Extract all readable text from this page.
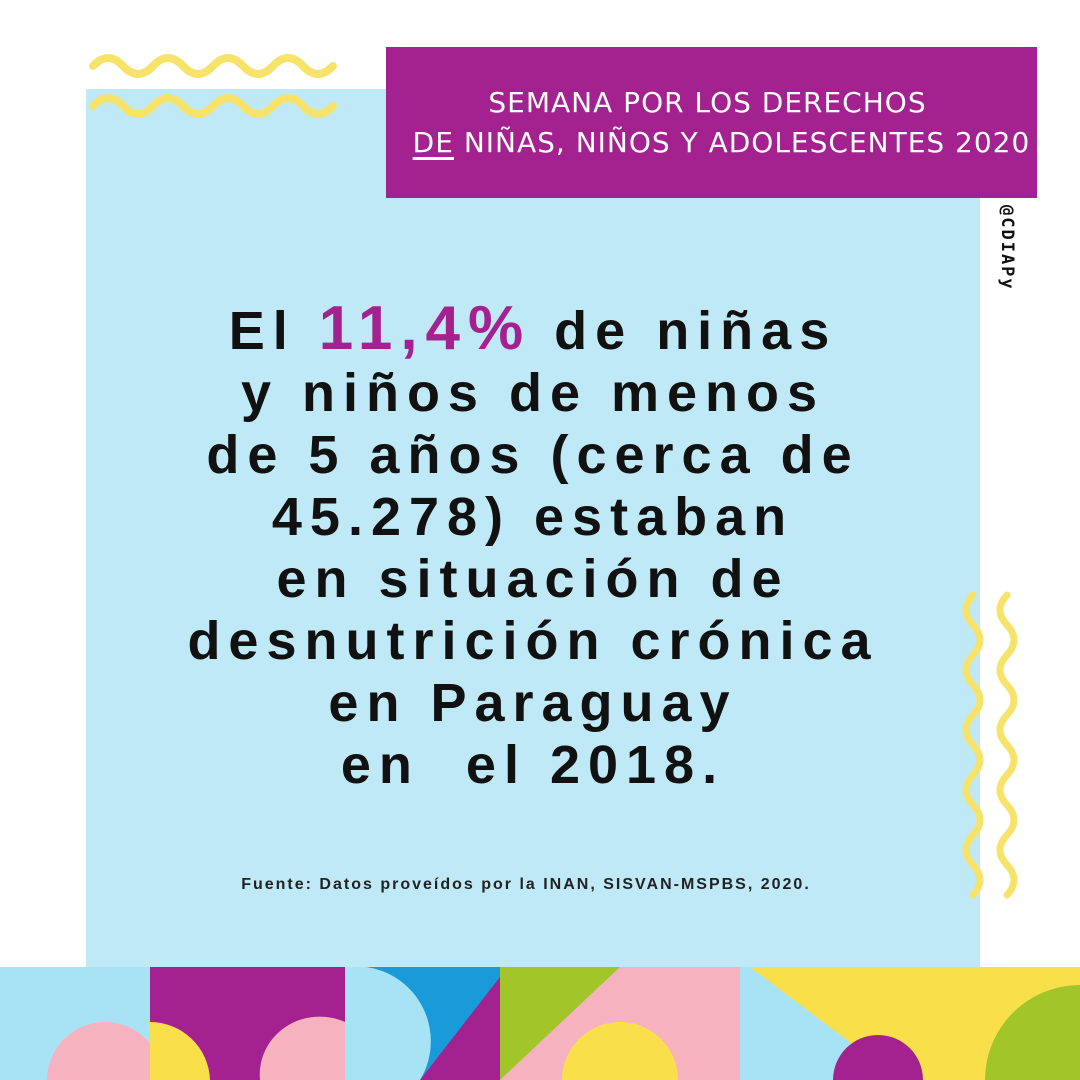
SEMANA POR LOS DERECHOS
DE NIÑAS, NIÑOS Y ADOLESCENTES 2020
@CDIAPy
El 11,4% de niñas
y niños de menos
de 5 años (cerca de
45.278) estaban
en situación de
desnutrición crónica
en Paraguay
en  el 2018.
Fuente: Datos proveídos por la INAN, SISVAN-MSPBS, 2020.
